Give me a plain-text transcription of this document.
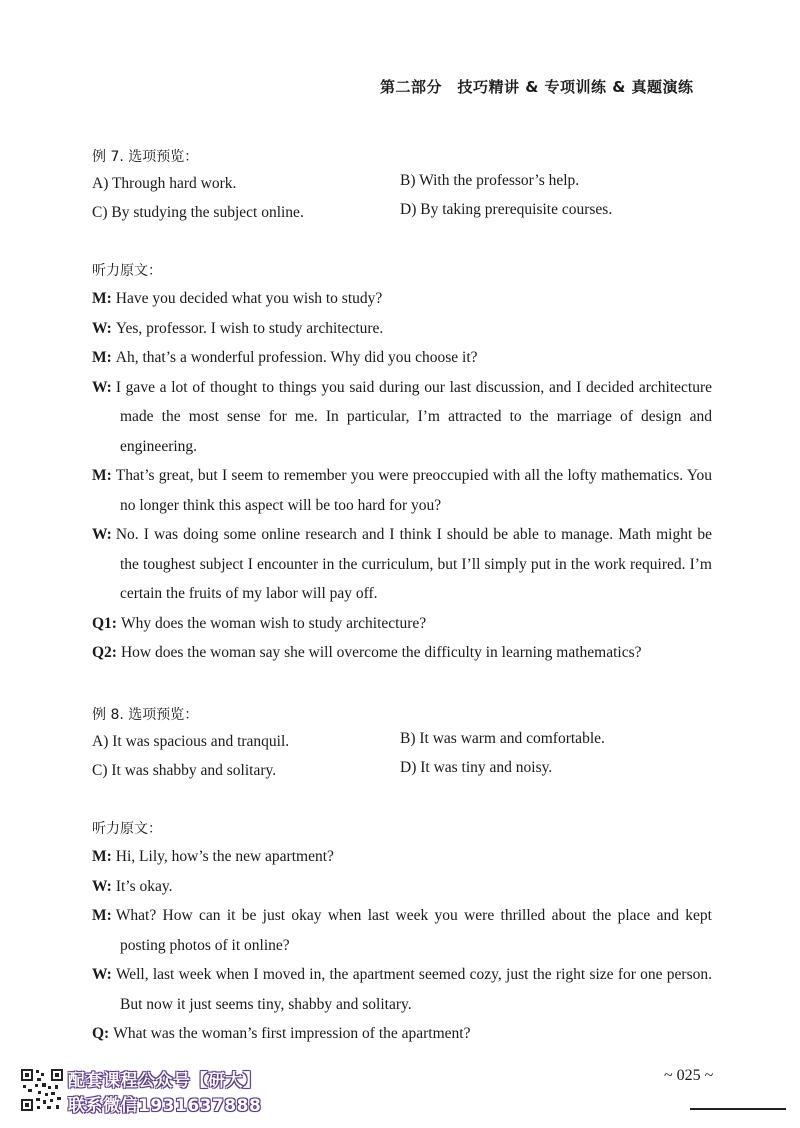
第二部分　技巧精讲 & 专项训练 & 真题演练
例 7. 选项预览：
A) Through hard work.	B) With the professor’s help.
C) By studying the subject online.	D) By taking prerequisite courses.
听力原文：
M: Have you decided what you wish to study?
W: Yes, professor. I wish to study architecture.
M: Ah, that’s a wonderful profession. Why did you choose it?
W: I gave a lot of thought to things you said during our last discussion, and I decided architecture made the most sense for me. In particular, I’m attracted to the marriage of design and engineering.
M: That’s great, but I seem to remember you were preoccupied with all the lofty mathematics. You no longer think this aspect will be too hard for you?
W: No. I was doing some online research and I think I should be able to manage. Math might be the toughest subject I encounter in the curriculum, but I’ll simply put in the work required. I’m certain the fruits of my labor will pay off.
Q1: Why does the woman wish to study architecture?
Q2: How does the woman say she will overcome the difficulty in learning mathematics?
例 8. 选项预览：
A) It was spacious and tranquil.	B) It was warm and comfortable.
C) It was shabby and solitary.	D) It was tiny and noisy.
听力原文：
M: Hi, Lily, how’s the new apartment?
W: It’s okay.
M: What? How can it be just okay when last week you were thrilled about the place and kept posting photos of it online?
W: Well, last week when I moved in, the apartment seemed cozy, just the right size for one person. But now it just seems tiny, shabby and solitary.
Q: What was the woman’s first impression of the apartment?
配套课程公众号【研大】
联系微信1931637888
~ 025 ~
